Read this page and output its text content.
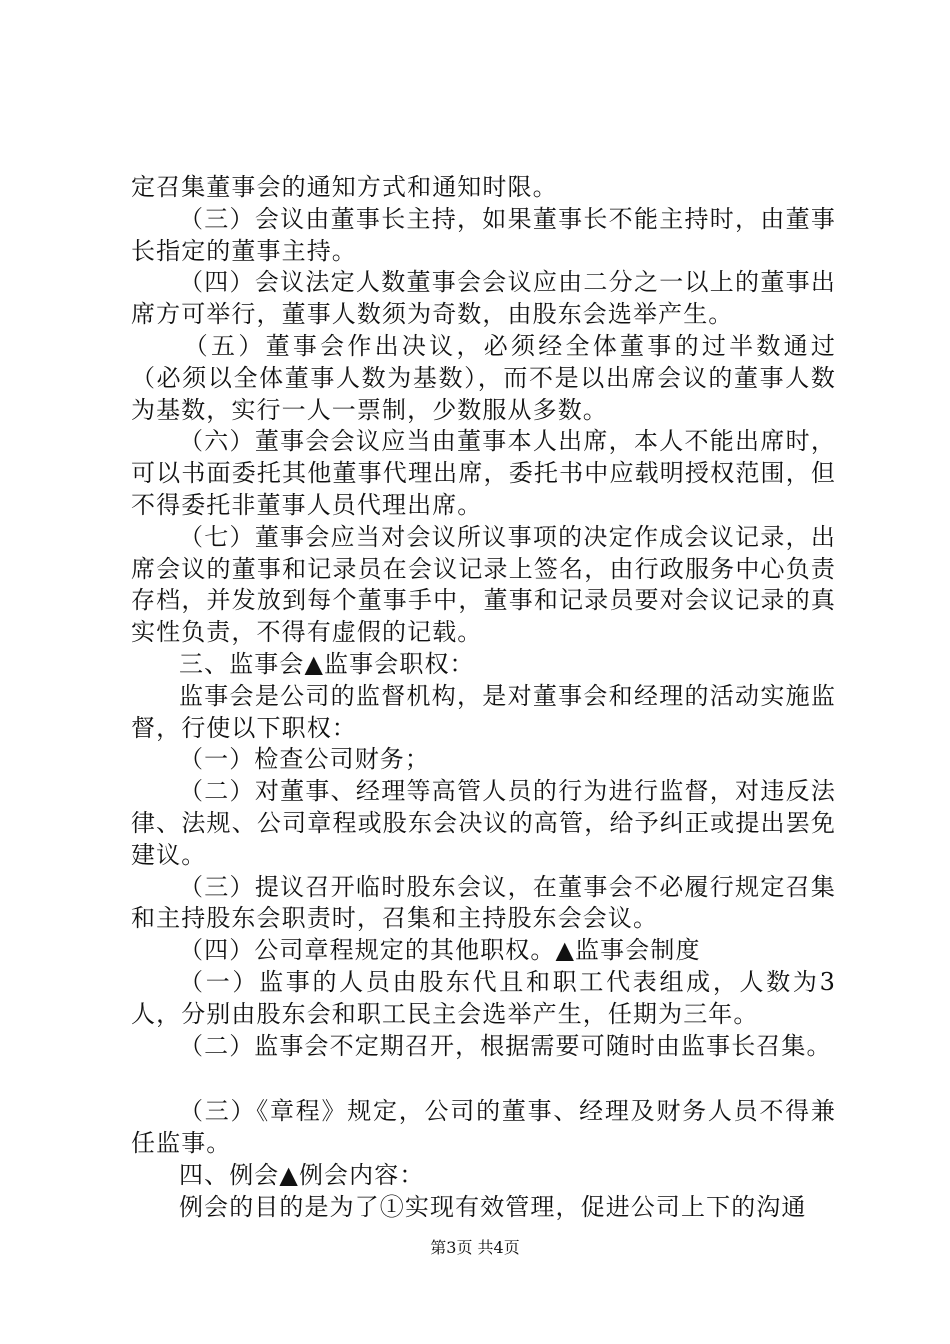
定召集董事会的通知方式和通知时限。

（三）会议由董事长主持，如果董事长不能主持时，由董事长指定的董事主持。

（四）会议法定人数董事会会议应由二分之一以上的董事出席方可举行，董事人数须为奇数，由股东会选举产生。

（五）董事会作出决议，必须经全体董事的过半数通过（必须以全体董事人数为基数），而不是以出席会议的董事人数为基数，实行一人一票制，少数服从多数。

（六）董事会会议应当由董事本人出席，本人不能出席时，可以书面委托其他董事代理出席，委托书中应载明授权范围，但不得委托非董事人员代理出席。

（七）董事会应当对会议所议事项的决定作成会议记录，出席会议的董事和记录员在会议记录上签名，由行政服务中心负责存档，并发放到每个董事手中，董事和记录员要对会议记录的真实性负责，不得有虚假的记载。

三、监事会▲监事会职权：

监事会是公司的监督机构，是对董事会和经理的活动实施监督，行使以下职权：

（一）检查公司财务；

（二）对董事、经理等高管人员的行为进行监督，对违反法律、法规、公司章程或股东会决议的高管，给予纠正或提出罢免建议。

（三）提议召开临时股东会议，在董事会不必履行规定召集和主持股东会职责时，召集和主持股东会会议。

（四）公司章程规定的其他职权。▲监事会制度

（一）监事的人员由股东代且和职工代表组成，人数为3人，分别由股东会和职工民主会选举产生，任期为三年。

（二）监事会不定期召开，根据需要可随时由监事长召集。

（三）《章程》规定，公司的董事、经理及财务人员不得兼任监事。

四、例会▲例会内容：

例会的目的是为了①实现有效管理，促进公司上下的沟通

第3页 共4页
